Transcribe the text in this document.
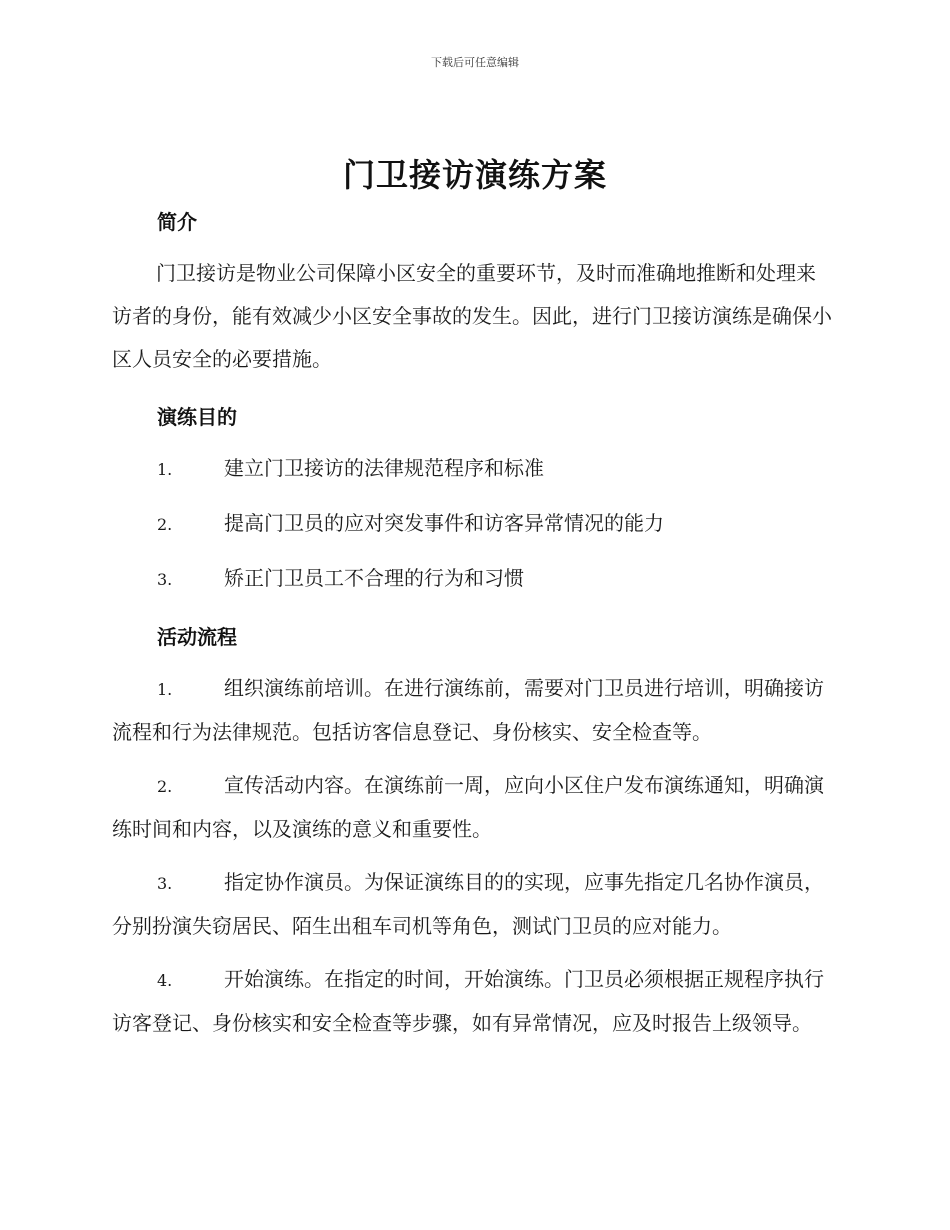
下载后可任意编辑
门卫接访演练方案
简介
门卫接访是物业公司保障小区安全的重要环节，及时而准确地推断和处理来访者的身份，能有效减少小区安全事故的发生。因此，进行门卫接访演练是确保小区人员安全的必要措施。
演练目的
1.	建立门卫接访的法律规范程序和标准
2.	提高门卫员的应对突发事件和访客异常情况的能力
3.	矫正门卫员工不合理的行为和习惯
活动流程
1.	组织演练前培训。在进行演练前，需要对门卫员进行培训，明确接访流程和行为法律规范。包括访客信息登记、身份核实、安全检查等。
2.	宣传活动内容。在演练前一周，应向小区住户发布演练通知，明确演练时间和内容，以及演练的意义和重要性。
3.	指定协作演员。为保证演练目的的实现，应事先指定几名协作演员，分别扮演失窃居民、陌生出租车司机等角色，测试门卫员的应对能力。
4.	开始演练。在指定的时间，开始演练。门卫员必须根据正规程序执行访客登记、身份核实和安全检查等步骤，如有异常情况，应及时报告上级领导。
